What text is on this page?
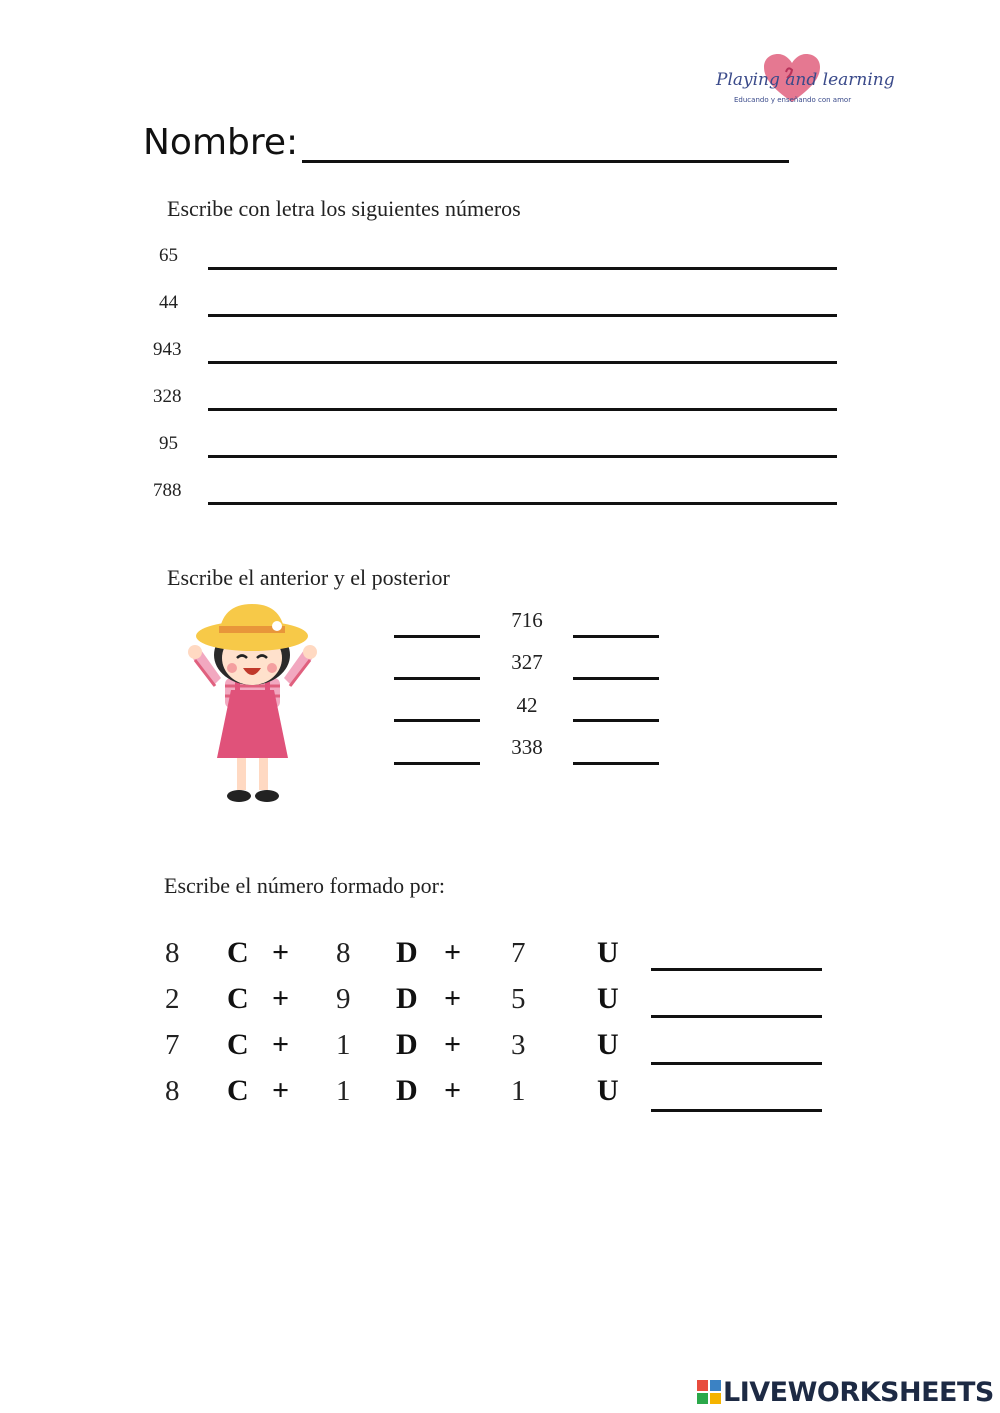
Playing and learning
Educando y enseñando con amor
Nombre:
Escribe con letra los siguientes números
65
44
943
328
95
788
Escribe el anterior y el posterior
716
327
42
338
Escribe el número formado por:
8 C + 8 D + 7 U
2 C + 9 D + 5 U
7 C + 1 D + 3 U
8 C + 1 D + 1 U
LIVEWORKSHEETS
